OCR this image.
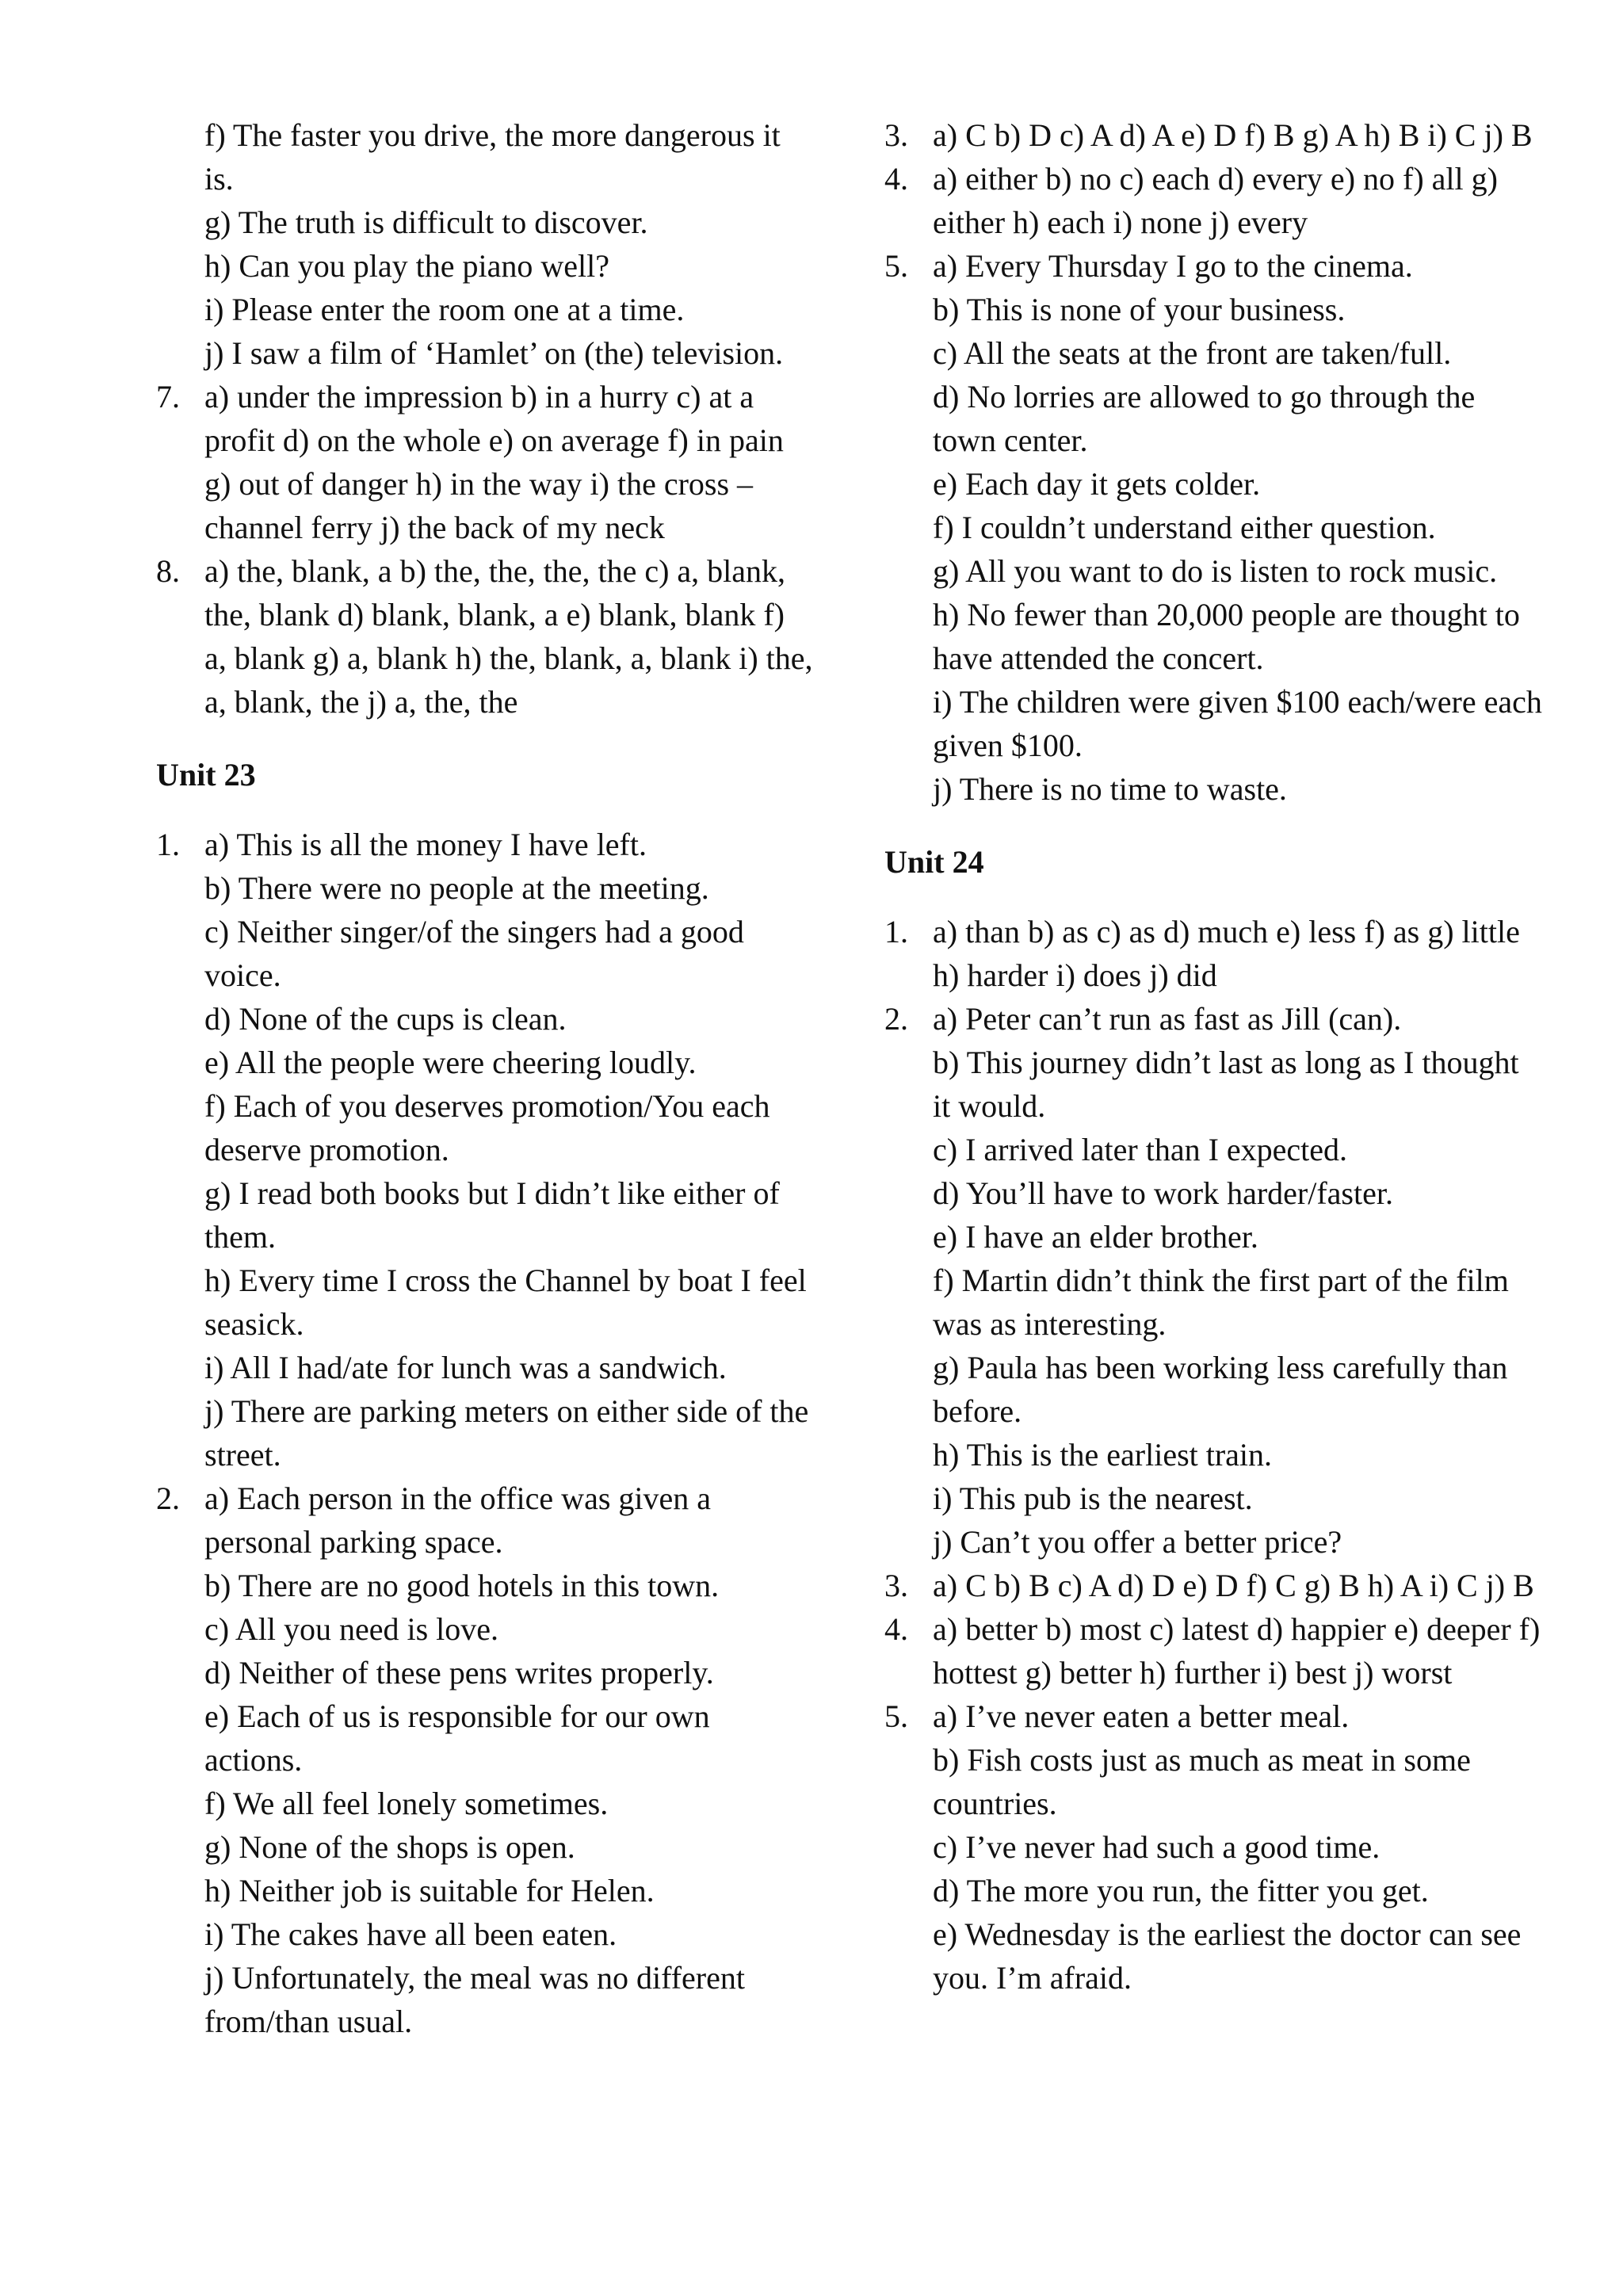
f) The faster you drive, the more dangerous it is.
g) The truth is difficult to discover.
h) Can you play the piano well?
i) Please enter the room one at a time.
j) I saw a film of ‘Hamlet’ on (the) television.
7. a) under the impression b) in a hurry c) at a profit d) on the whole e) on average f) in pain g) out of danger h) in the way i) the cross – channel ferry j) the back of my neck
8. a) the, blank, a b) the, the, the, the c) a, blank, the, blank d) blank, blank, a e) blank, blank f) a, blank g) a, blank h) the, blank, a, blank i) the, a, blank, the j) a, the, the
Unit 23
1. a) This is all the money I have left.
b) There were no people at the meeting.
c) Neither singer/of the singers had a good voice.
d) None of the cups is clean.
e) All the people were cheering loudly.
f) Each of you deserves promotion/You each deserve promotion.
g) I read both books but I didn’t like either of them.
h) Every time I cross the Channel by boat I feel seasick.
i) All I had/ate for lunch was a sandwich.
j) There are parking meters on either side of the street.
2. a) Each person in the office was given a personal parking space.
b) There are no good hotels in this town.
c) All you need is love.
d) Neither of these pens writes properly.
e) Each of us is responsible for our own actions.
f) We all feel lonely sometimes.
g) None of the shops is open.
h) Neither job is suitable for Helen.
i) The cakes have all been eaten.
j) Unfortunately, the meal was no different from/than usual.
3. a) C b) D c) A d) A e) D f) B g) A h) B i) C j) B
4. a) either b) no c) each d) every e) no f) all g) either h) each i) none j) every
5. a) Every Thursday I go to the cinema.
b) This is none of your business.
c) All the seats at the front are taken/full.
d) No lorries are allowed to go through the town center.
e) Each day it gets colder.
f) I couldn’t understand either question.
g) All you want to do is listen to rock music.
h) No fewer than 20,000 people are thought to have attended the concert.
i) The children were given $100 each/were each given $100.
j) There is no time to waste.
Unit 24
1. a) than b) as c) as d) much e) less f) as g) little h) harder i) does j) did
2. a) Peter can’t run as fast as Jill (can).
b) This journey didn’t last as long as I thought it would.
c) I arrived later than I expected.
d) You’ll have to work harder/faster.
e) I have an elder brother.
f) Martin didn’t think the first part of the film was as interesting.
g) Paula has been working less carefully than before.
h) This is the earliest train.
i) This pub is the nearest.
j) Can’t you offer a better price?
3. a) C b) B c) A d) D e) D f) C g) B h) A i) C j) B
4. a) better b) most c) latest d) happier e) deeper f) hottest g) better h) further i) best j) worst
5. a) I’ve never eaten a better meal.
b) Fish costs just as much as meat in some countries.
c) I’ve never had such a good time.
d) The more you run, the fitter you get.
e) Wednesday is the earliest the doctor can see you. I’m afraid.
